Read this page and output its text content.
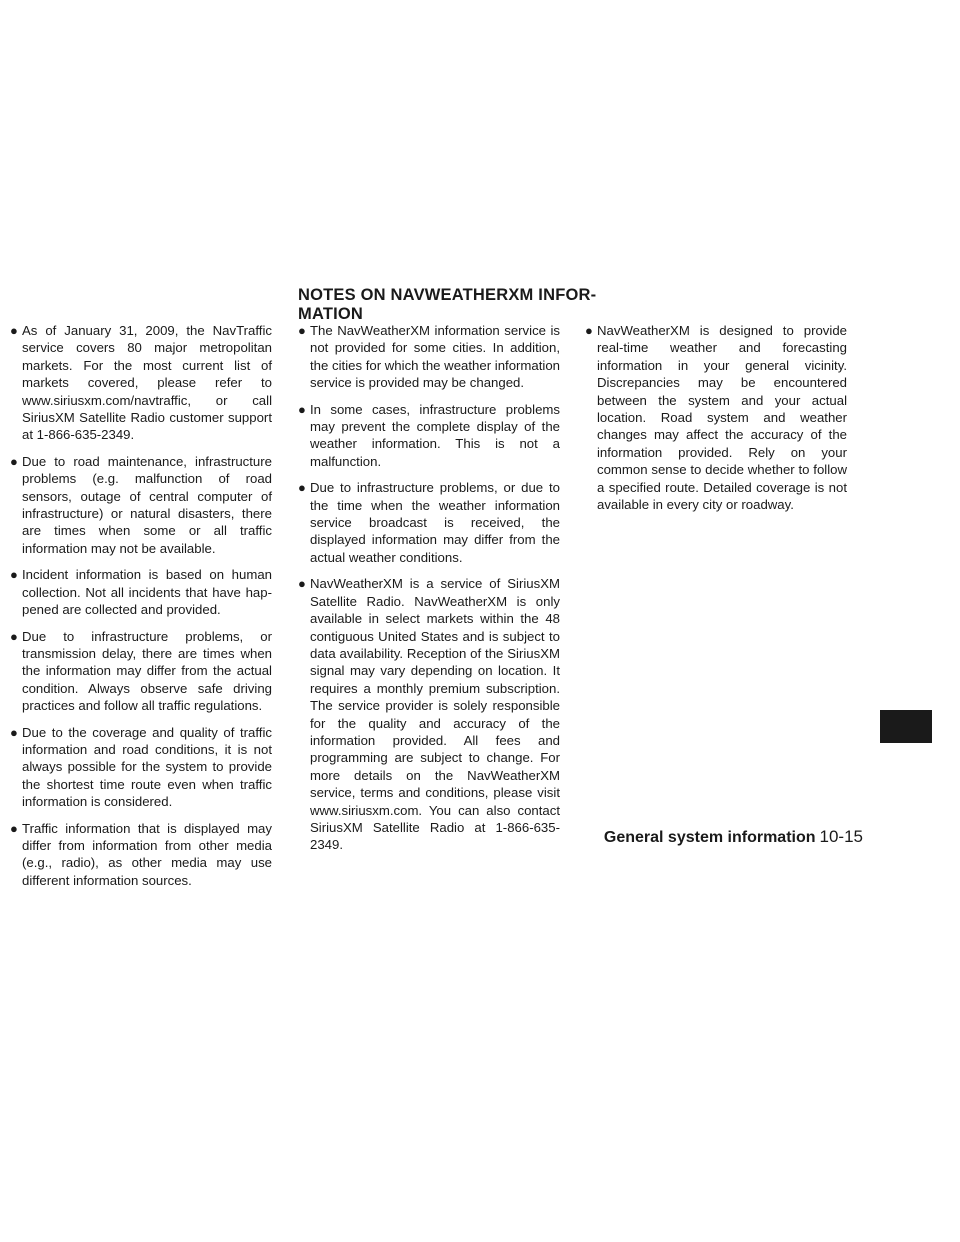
NOTES ON NAVWEATHERXM INFOR-
MATION
● As of January 31, 2009, the NavTraffic service covers 80 major metropolitan markets. For the most current list of markets covered, please refer to www.siriusxm.com/navtraffic, or call SiriusXM Satellite Radio customer support at 1-866-635-2349.
● Due to road maintenance, infrastructure problems (e.g. malfunction of road sensors, outage of central computer of infrastructure) or natural disasters, there are times when some or all traffic information may not be available.
● Incident information is based on human collection. Not all incidents that have happened are collected and provided.
● Due to infrastructure problems, or transmission delay, there are times when the information may differ from the actual condition. Always observe safe driving practices and follow all traffic regulations.
● Due to the coverage and quality of traffic information and road conditions, it is not always possible for the system to provide the shortest time route even when traffic information is considered.
● Traffic information that is displayed may differ from information from other media (e.g., radio), as other media may use different information sources.
● The NavWeatherXM information service is not provided for some cities. In addition, the cities for which the weather information service is provided may be changed.
● In some cases, infrastructure problems may prevent the complete display of the weather information. This is not a malfunction.
● Due to infrastructure problems, or due to the time when the weather information service broadcast is received, the displayed information may differ from the actual weather conditions.
● NavWeatherXM is a service of SiriusXM Satellite Radio. NavWeatherXM is only available in select markets within the 48 contiguous United States and is subject to data availability. Reception of the SiriusXM signal may vary depending on location. It requires a monthly premium subscription. The service provider is solely responsible for the quality and accuracy of the information provided. All fees and programming are subject to change. For more details on the NavWeatherXM service, terms and conditions, please visit www.siriusxm.com. You can also contact SiriusXM Satellite Radio at 1-866-635-2349.
● NavWeatherXM is designed to provide real-time weather and forecasting information in your general vicinity. Discrepancies may be encountered between the system and your actual location. Road system and weather changes may affect the accuracy of the information provided. Rely on your common sense to decide whether to follow a specified route. Detailed coverage is not available in every city or roadway.
General system information 10-15
